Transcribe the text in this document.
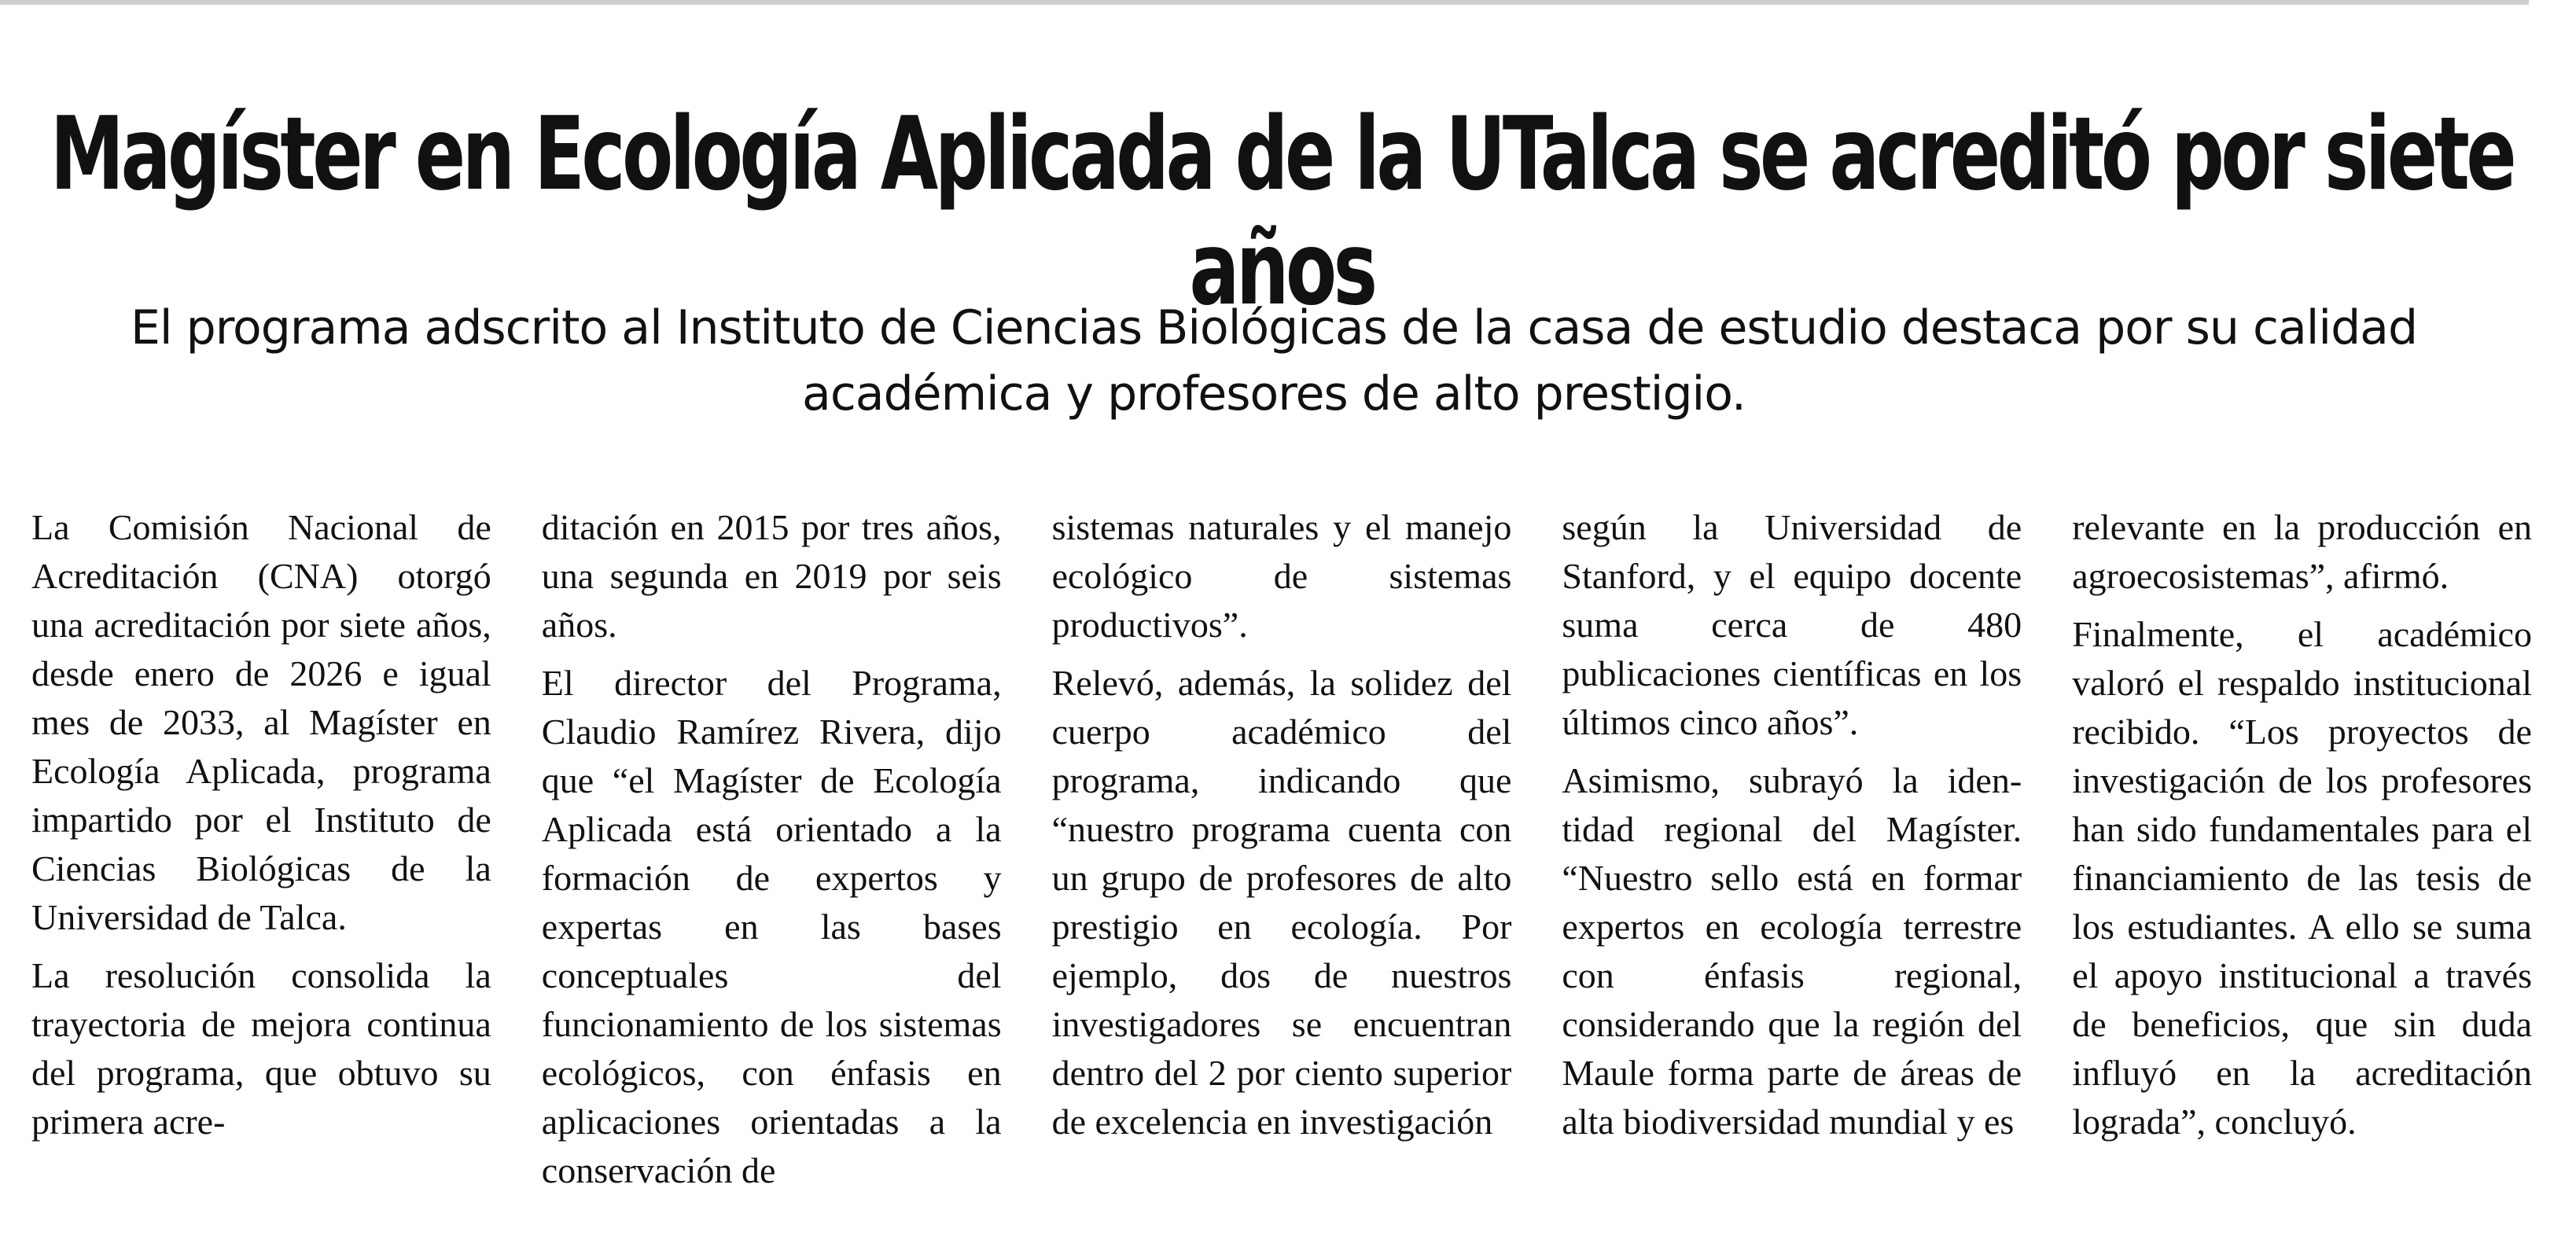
Magíster en Ecología Aplicada de la UTalca se acreditó por siete años

El programa adscrito al Instituto de Ciencias Biológicas de la casa de estudio destaca por su calidad académica y profesores de alto prestigio.

La Comisión Nacional de Acreditación (CNA) otorgó una acreditación por siete años, desde enero de 2026 e igual mes de 2033, al Magíster en Ecología Aplicada, programa impartido por el Instituto de Ciencias Biológicas de la Universidad de Talca.

La resolución consolida la trayectoria de mejora continua del programa, que obtuvo su primera acre-

ditación en 2015 por tres años, una segunda en 2019 por seis años.

El director del Programa, Claudio Ramírez Rivera, dijo que “el Magíster de Ecología Aplicada está orientado a la formación de expertos y expertas en las bases conceptuales del funcionamiento de los sistemas ecológicos, con énfasis en aplicaciones orientadas a la conservación de

sistemas naturales y el manejo ecológico de sistemas productivos”.

Relevó, además, la solidez del cuerpo académico del programa, indicando que “nuestro programa cuenta con un grupo de profesores de alto prestigio en ecología. Por ejemplo, dos de nuestros investigadores se encuentran dentro del 2 por ciento superior de excelencia en investigación

según la Universidad de Stanford, y el equipo docente suma cerca de 480 publicaciones científicas en los últimos cinco años”.

Asimismo, subrayó la identidad regional del Magíster. “Nuestro sello está en formar expertos en ecología terrestre con énfasis regional, considerando que la región del Maule forma parte de áreas de alta biodiversidad mundial y es

relevante en la producción en agroecosistemas”, afirmó.

Finalmente, el académico valoró el respaldo institucional recibido. “Los proyectos de investigación de los profesores han sido fundamentales para el financiamiento de las tesis de los estudiantes. A ello se suma el apoyo institucional a través de beneficios, que sin duda influyó en la acreditación lograda”, concluyó.
